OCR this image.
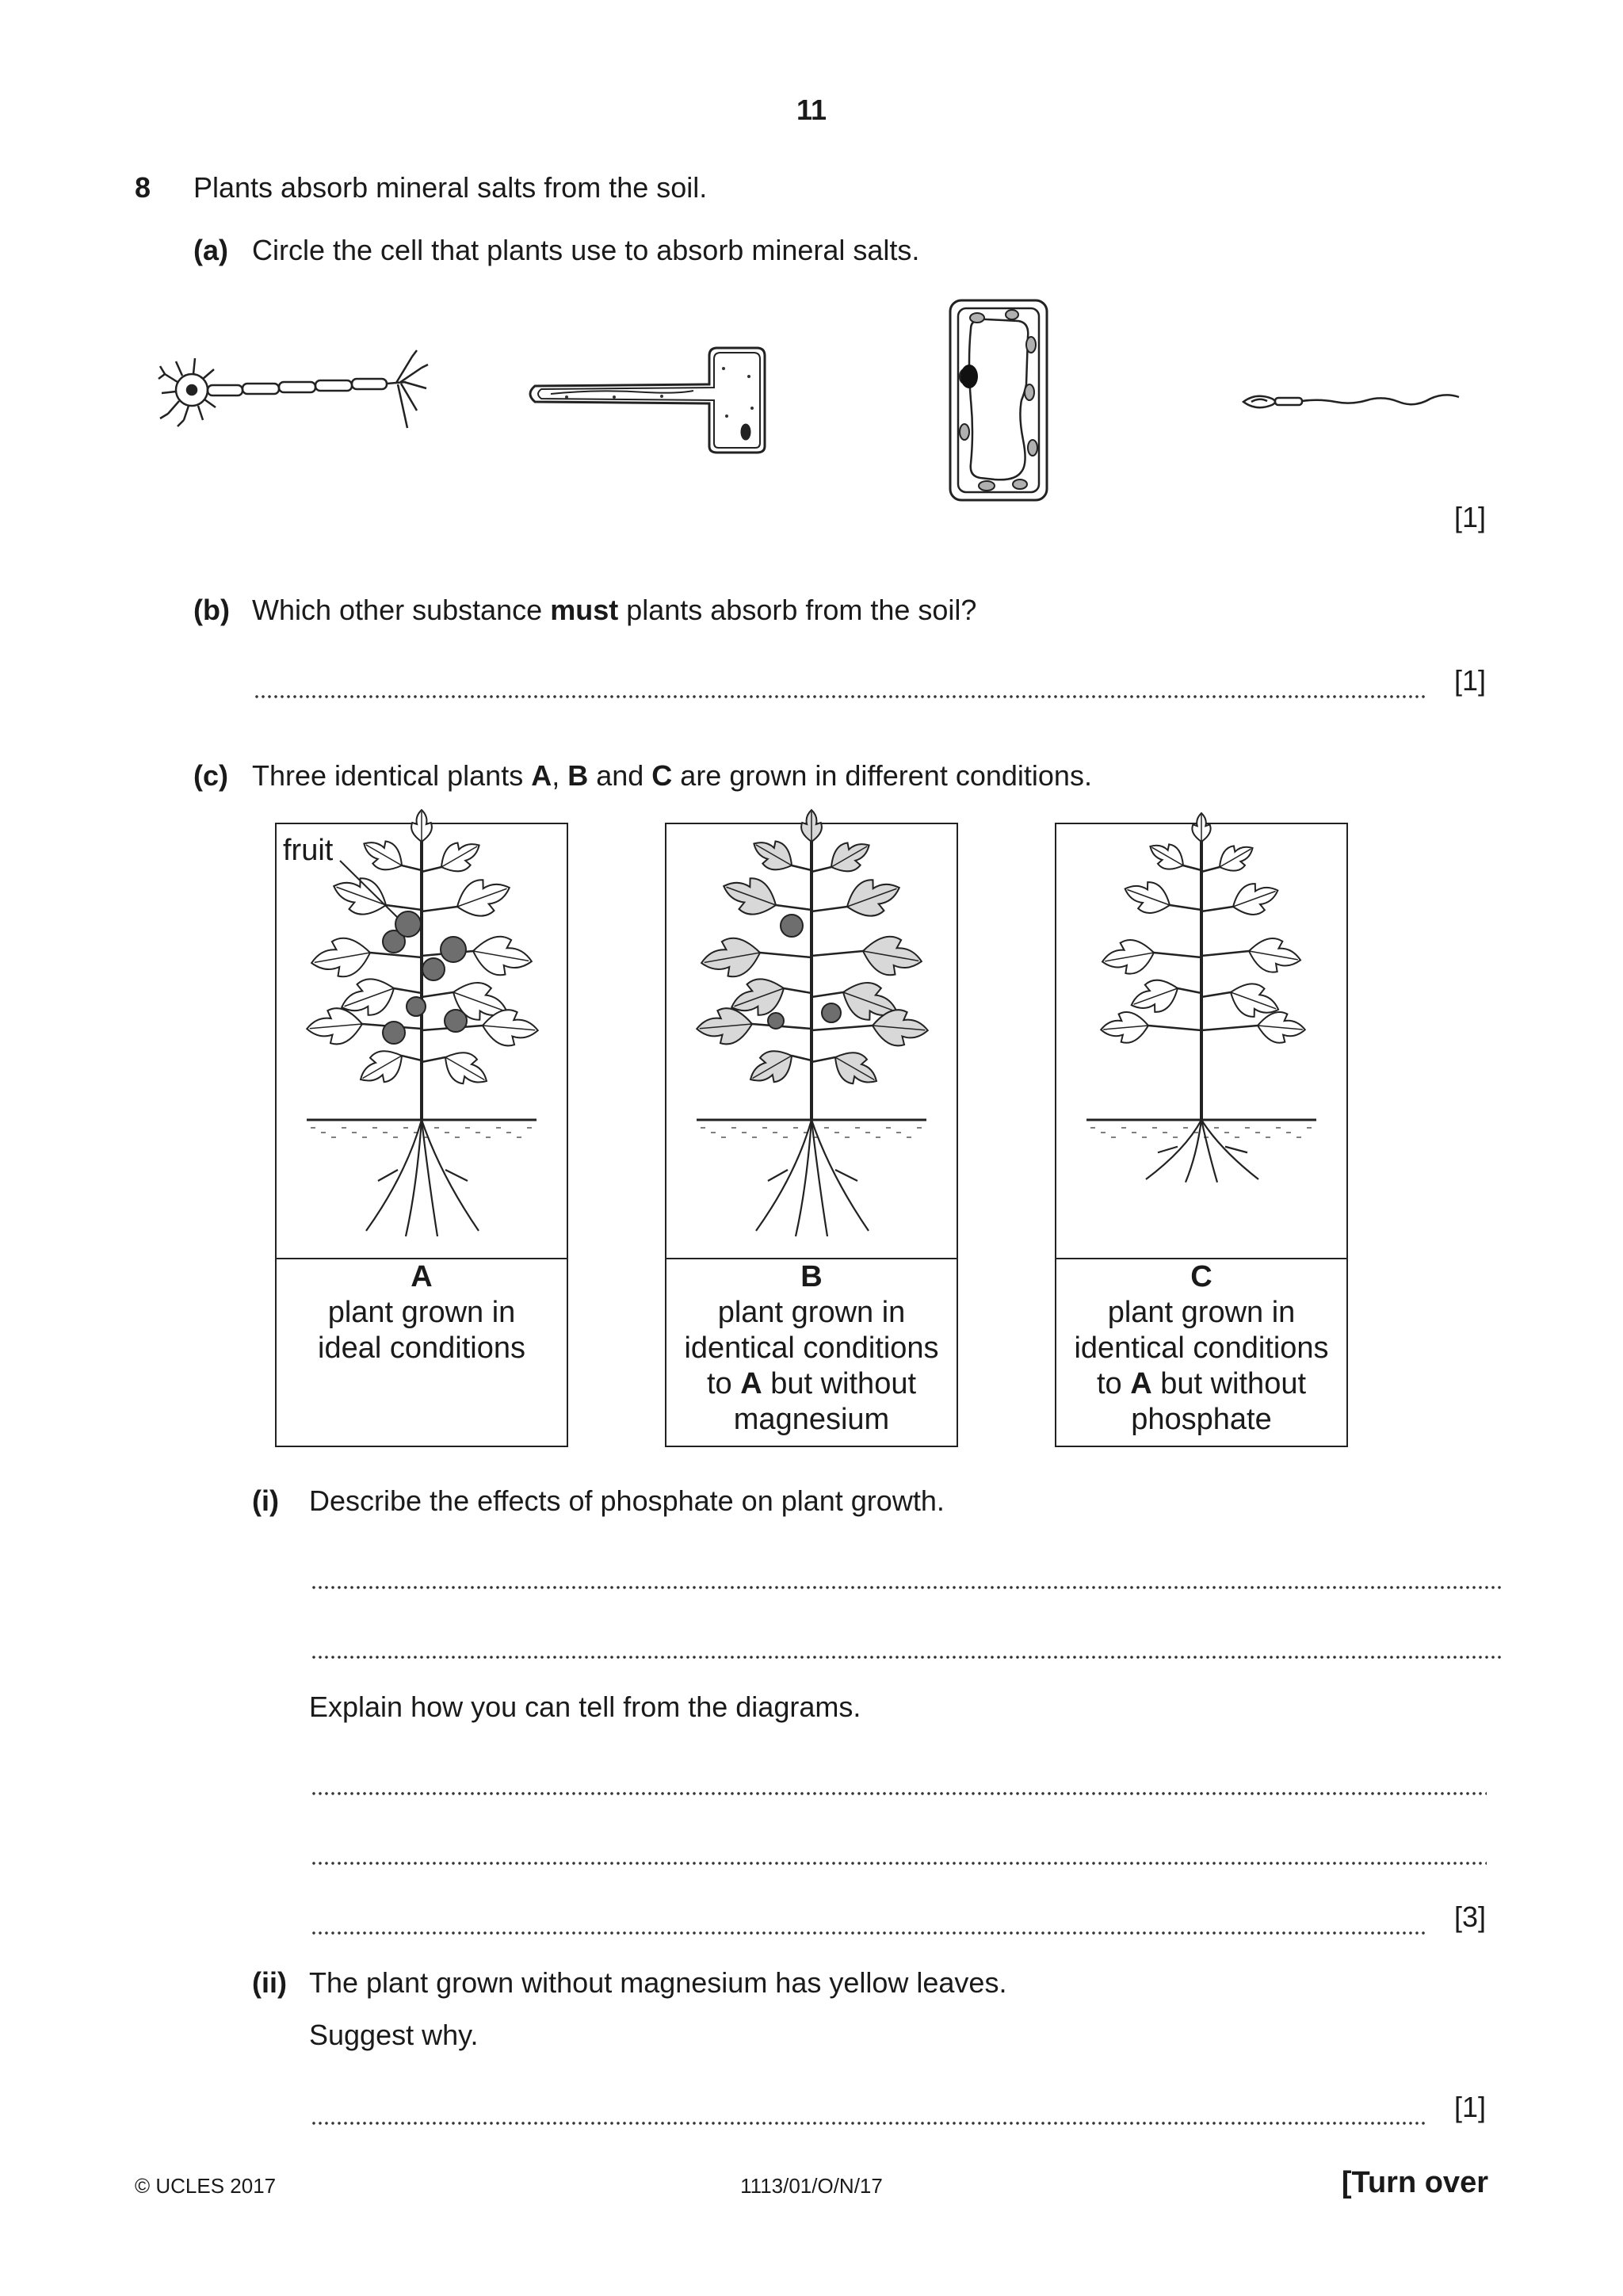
11
8 Plants absorb mineral salts from the soil.
(a) Circle the cell that plants use to absorb mineral salts.
[1]
(b) Which other substance must plants absorb from the soil?
[1]
(c) Three identical plants A, B and C are grown in different conditions.
fruit
A
plant grown in
ideal conditions
B
plant grown in
identical conditions
to A but without
magnesium
C
plant grown in
identical conditions
to A but without
phosphate
(i) Describe the effects of phosphate on plant growth.
Explain how you can tell from the diagrams.
[3]
(ii) The plant grown without magnesium has yellow leaves.
Suggest why.
[1]
© UCLES 2017	1113/01/O/N/17	[Turn over
